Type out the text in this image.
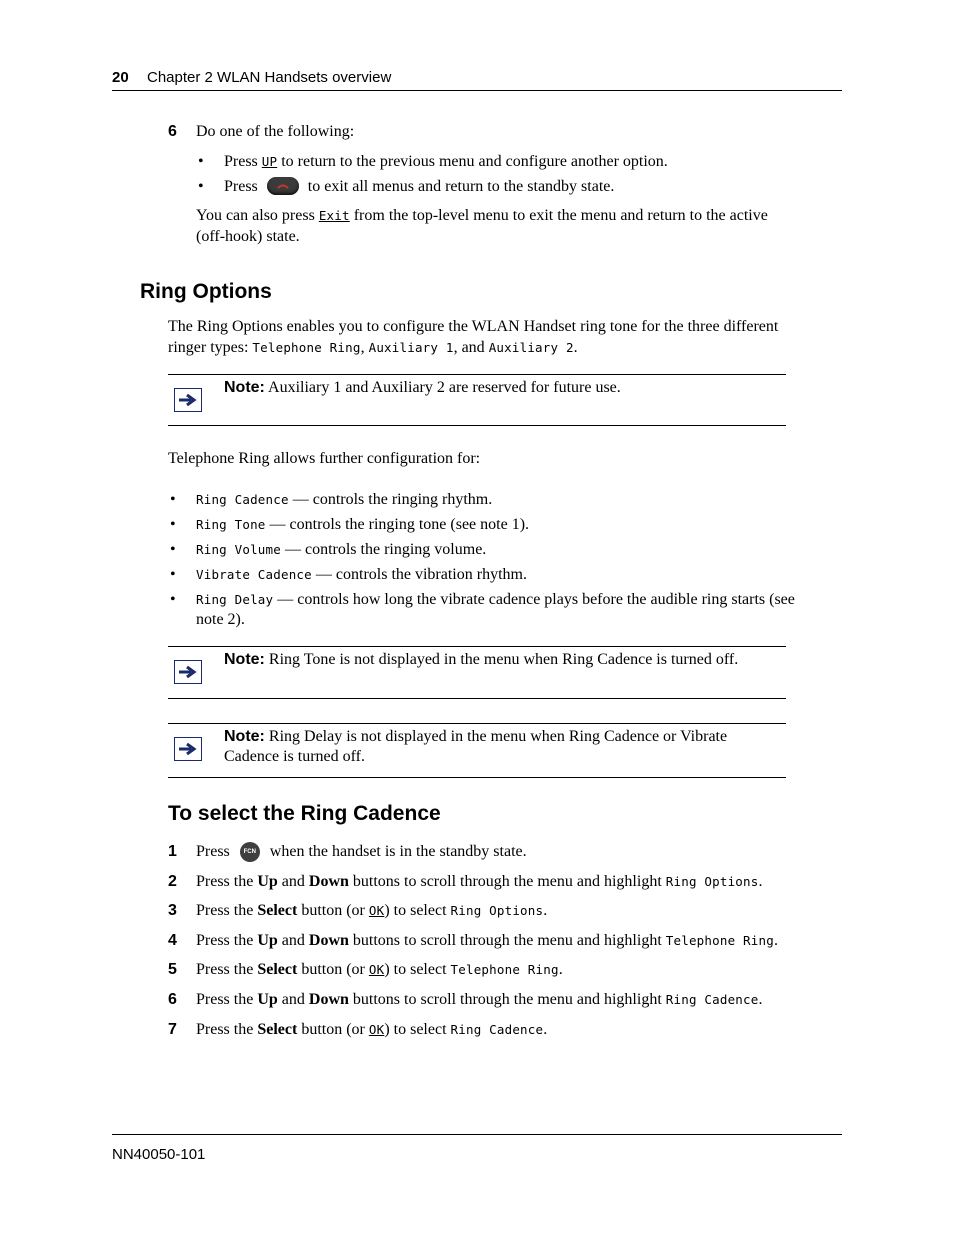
20 Chapter 2 WLAN Handsets overview
6 Do one of the following:
• Press UP to return to the previous menu and configure another option.
• Press	to exit all menus and return to the standby state.
You can also press Exit from the top-level menu to exit the menu and return to the active
(off-hook) state.
Ring Options
The Ring Options enables you to configure the WLAN Handset ring tone for the three different
ringer types: Telephone Ring, Auxiliary 1, and Auxiliary 2.
Note: Auxiliary 1 and Auxiliary 2 are reserved for future use.
Telephone Ring allows further configuration for:
• Ring Cadence — controls the ringing rhythm.
• Ring Tone — controls the ringing tone (see note 1).
• Ring Volume — controls the ringing volume.
• Vibrate Cadence — controls the vibration rhythm.
• Ring Delay — controls how long the vibrate cadence plays before the audible ring starts (see
note 2).
Note: Ring Tone is not displayed in the menu when Ring Cadence is turned off.
Note: Ring Delay is not displayed in the menu when Ring Cadence or Vibrate
Cadence is turned off.
To select the Ring Cadence
1 Press FCN when the handset is in the standby state.
2 Press the Up and Down buttons to scroll through the menu and highlight Ring Options.
3 Press the Select button (or OK) to select Ring Options.
4 Press the Up and Down buttons to scroll through the menu and highlight Telephone Ring.
5 Press the Select button (or OK) to select Telephone Ring.
6 Press the Up and Down buttons to scroll through the menu and highlight Ring Cadence.
7 Press the Select button (or OK) to select Ring Cadence.
NN40050-101
